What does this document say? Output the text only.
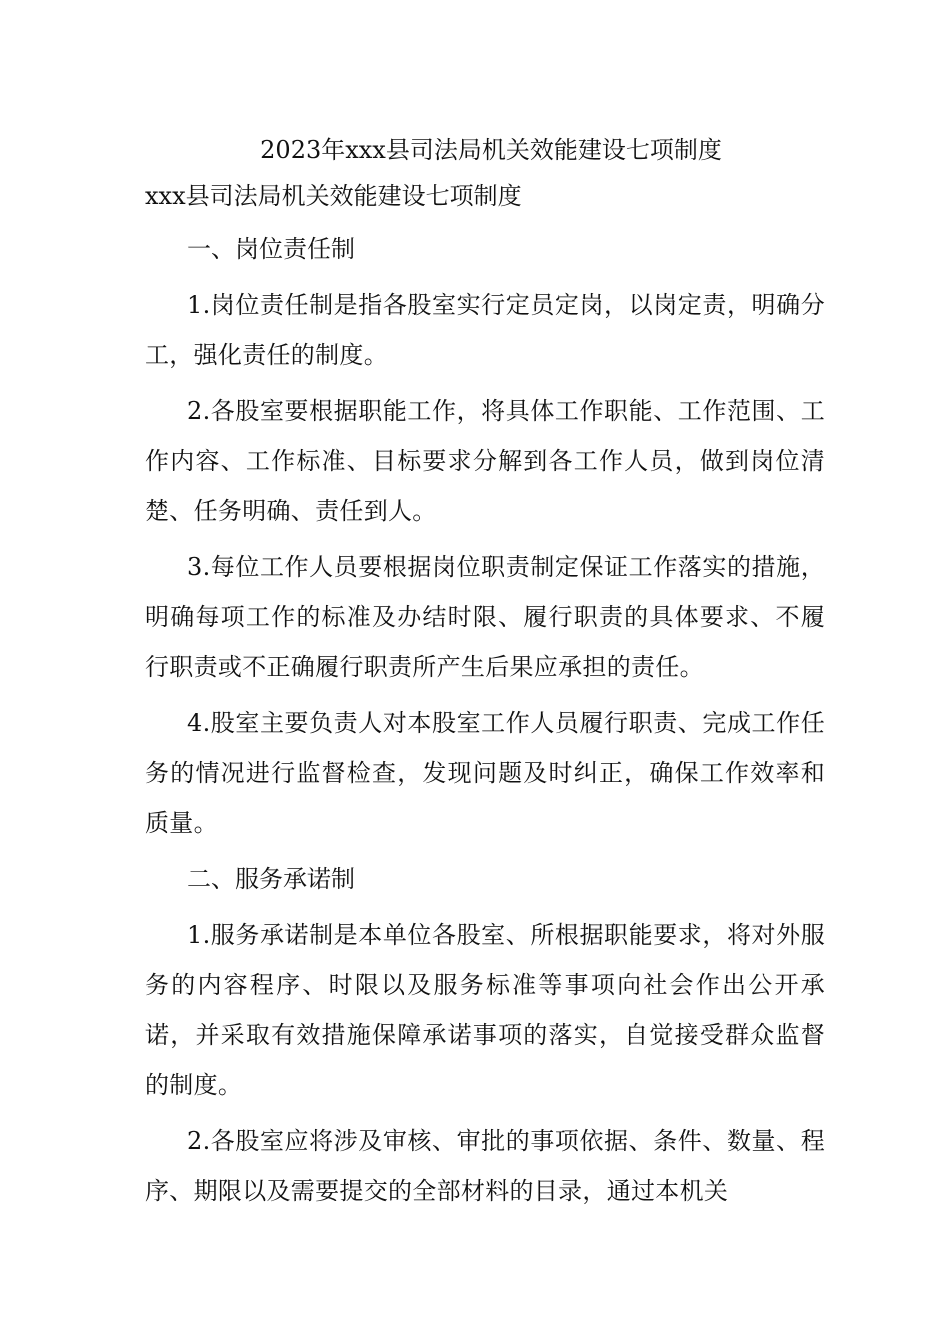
2023年xxx县司法局机关效能建设七项制度
xxx县司法局机关效能建设七项制度
一、岗位责任制
1.岗位责任制是指各股室实行定员定岗，以岗定责，明确分工，强化责任的制度。
2.各股室要根据职能工作，将具体工作职能、工作范围、工作内容、工作标准、目标要求分解到各工作人员，做到岗位清楚、任务明确、责任到人。
3.每位工作人员要根据岗位职责制定保证工作落实的措施，明确每项工作的标准及办结时限、履行职责的具体要求、不履行职责或不正确履行职责所产生后果应承担的责任。
4.股室主要负责人对本股室工作人员履行职责、完成工作任务的情况进行监督检查，发现问题及时纠正，确保工作效率和质量。
二、服务承诺制
1.服务承诺制是本单位各股室、所根据职能要求，将对外服务的内容程序、时限以及服务标准等事项向社会作出公开承诺，并采取有效措施保障承诺事项的落实，自觉接受群众监督的制度。
2.各股室应将涉及审核、审批的事项依据、条件、数量、程序、期限以及需要提交的全部材料的目录，通过本机关
